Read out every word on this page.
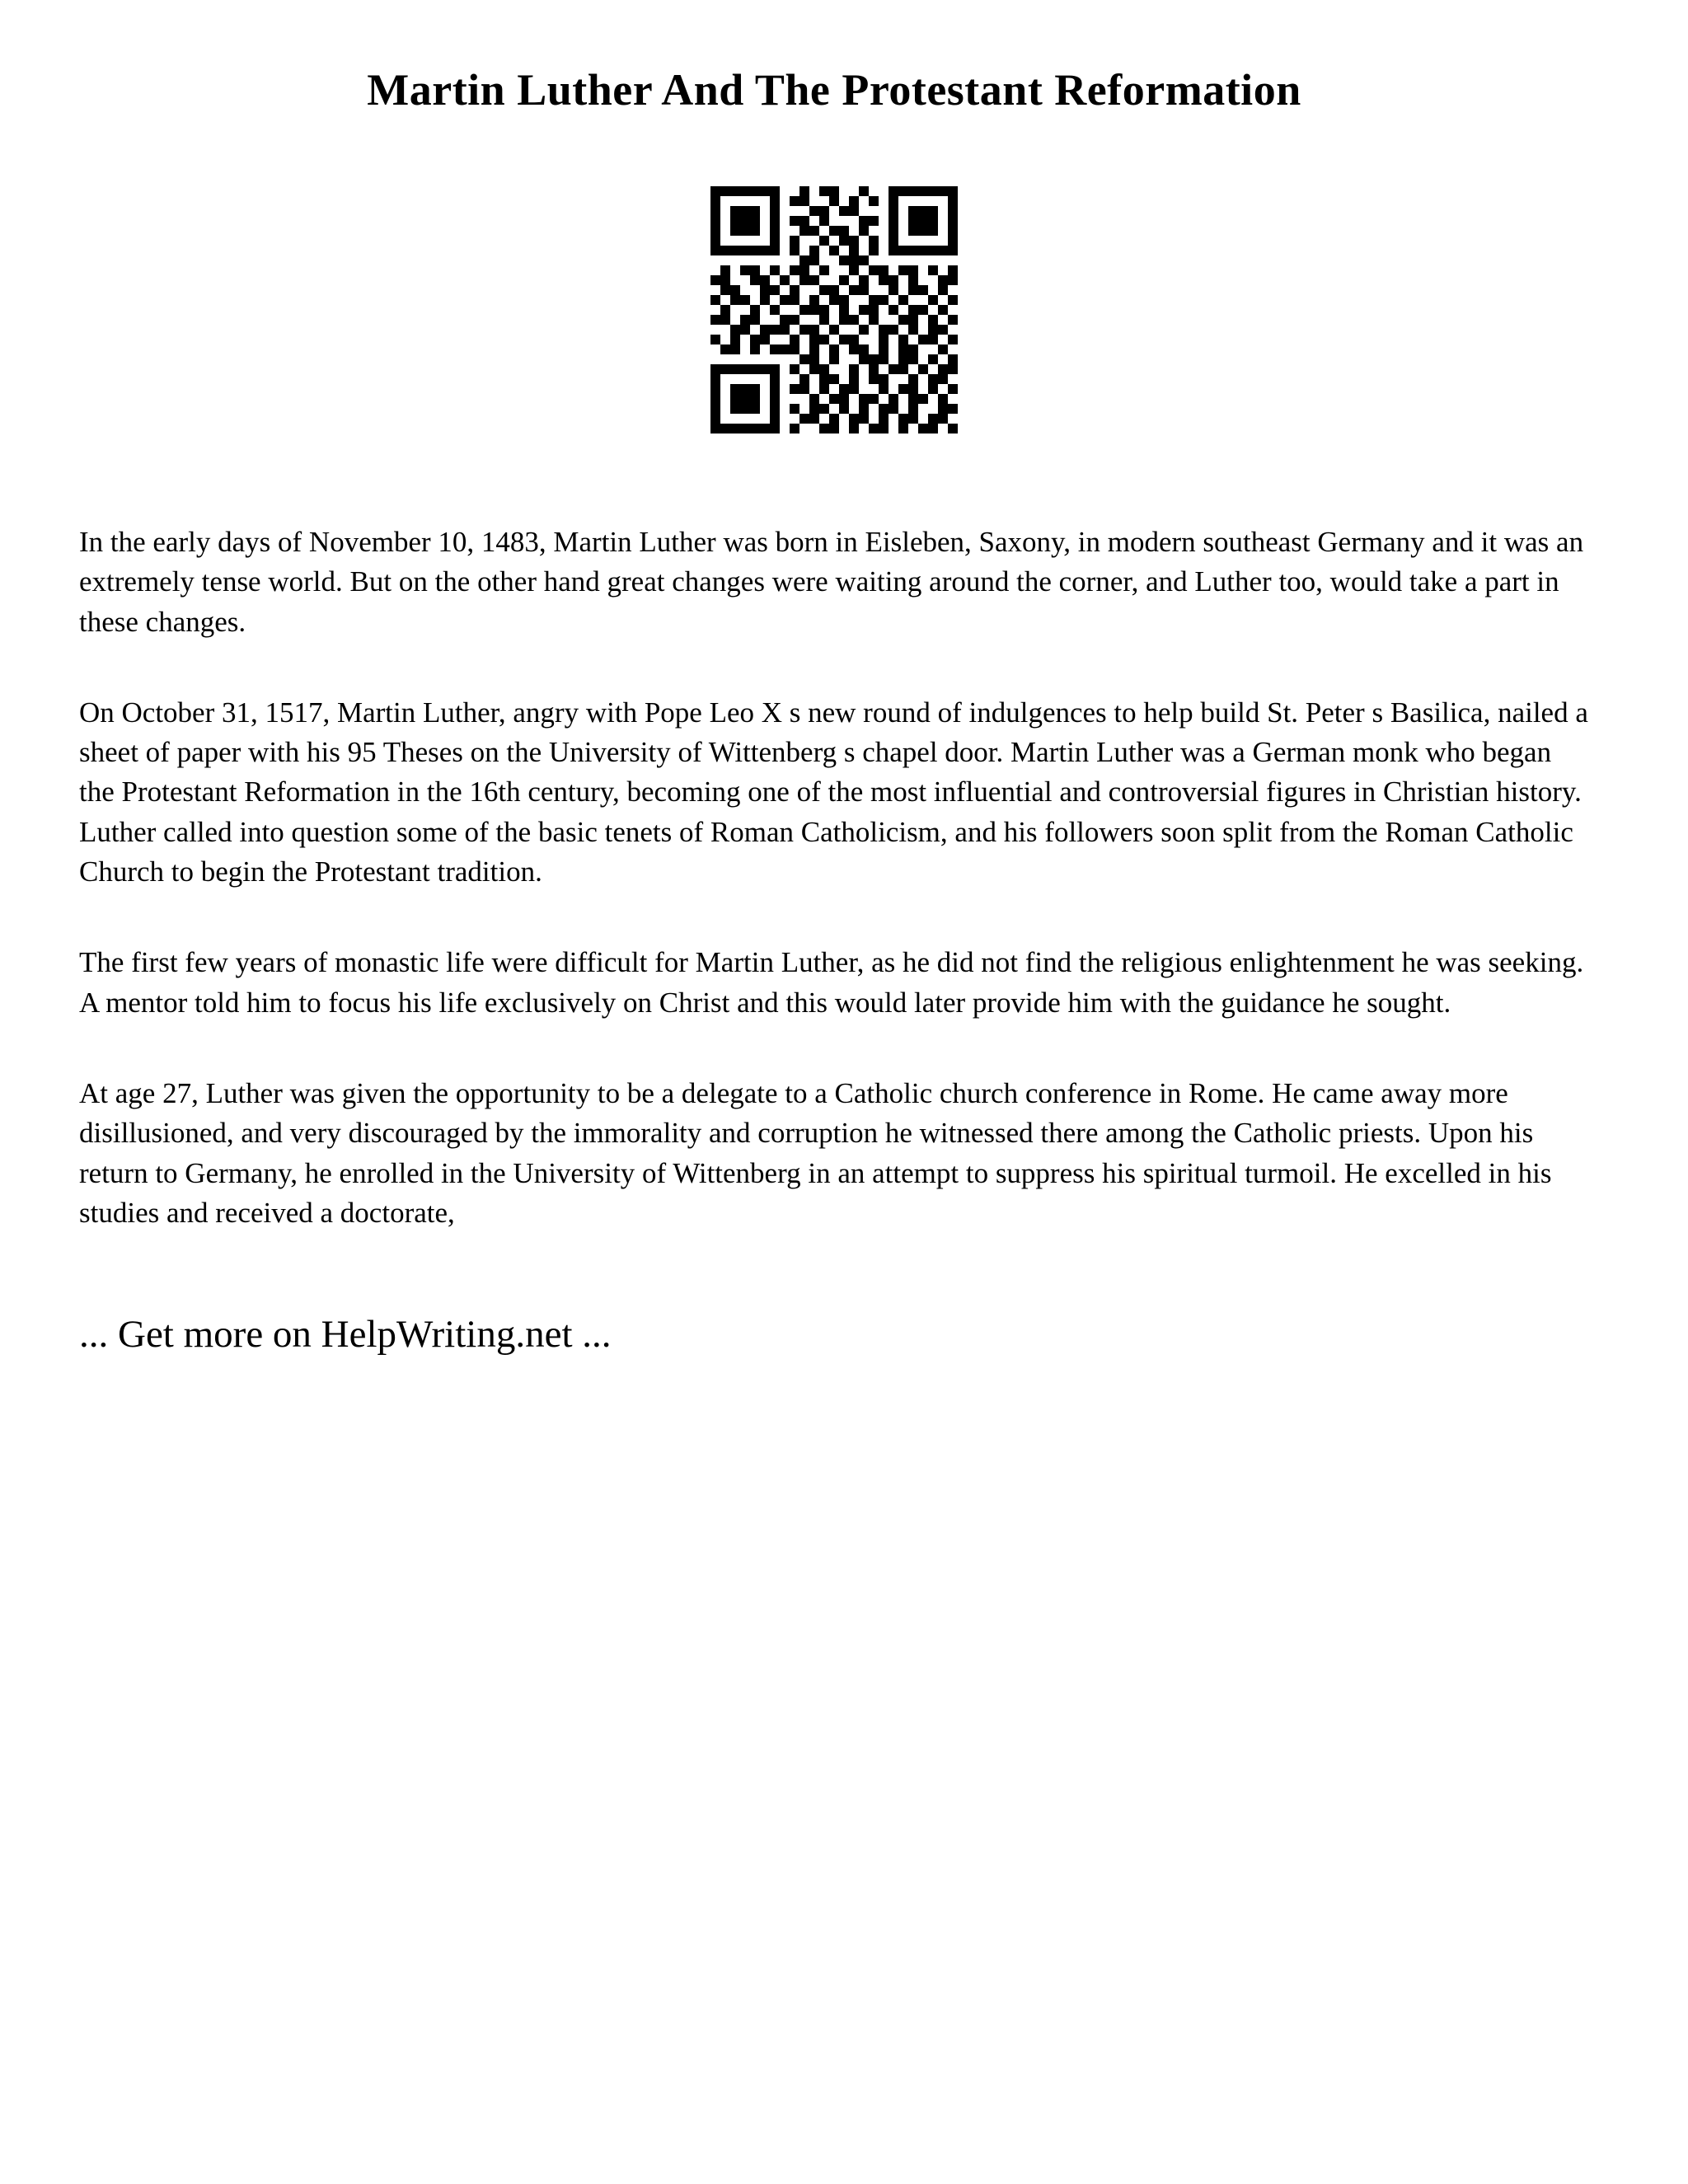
Martin Luther And The Protestant Reformation

In the early days of November 10, 1483, Martin Luther was born in Eisleben, Saxony, in modern southeast Germany and it was an extremely tense world. But on the other hand great changes were waiting around the corner, and Luther too, would take a part in these changes.

On October 31, 1517, Martin Luther, angry with Pope Leo X s new round of indulgences to help build St. Peter s Basilica, nailed a sheet of paper with his 95 Theses on the University of Wittenberg s chapel door. Martin Luther was a German monk who began the Protestant Reformation in the 16th century, becoming one of the most influential and controversial figures in Christian history. Luther called into question some of the basic tenets of Roman Catholicism, and his followers soon split from the Roman Catholic Church to begin the Protestant tradition.

The first few years of monastic life were difficult for Martin Luther, as he did not find the religious enlightenment he was seeking. A mentor told him to focus his life exclusively on Christ and this would later provide him with the guidance he sought.

At age 27, Luther was given the opportunity to be a delegate to a Catholic church conference in Rome. He came away more disillusioned, and very discouraged by the immorality and corruption he witnessed there among the Catholic priests. Upon his return to Germany, he enrolled in the University of Wittenberg in an attempt to suppress his spiritual turmoil. He excelled in his studies and received a doctorate,

... Get more on HelpWriting.net ...
